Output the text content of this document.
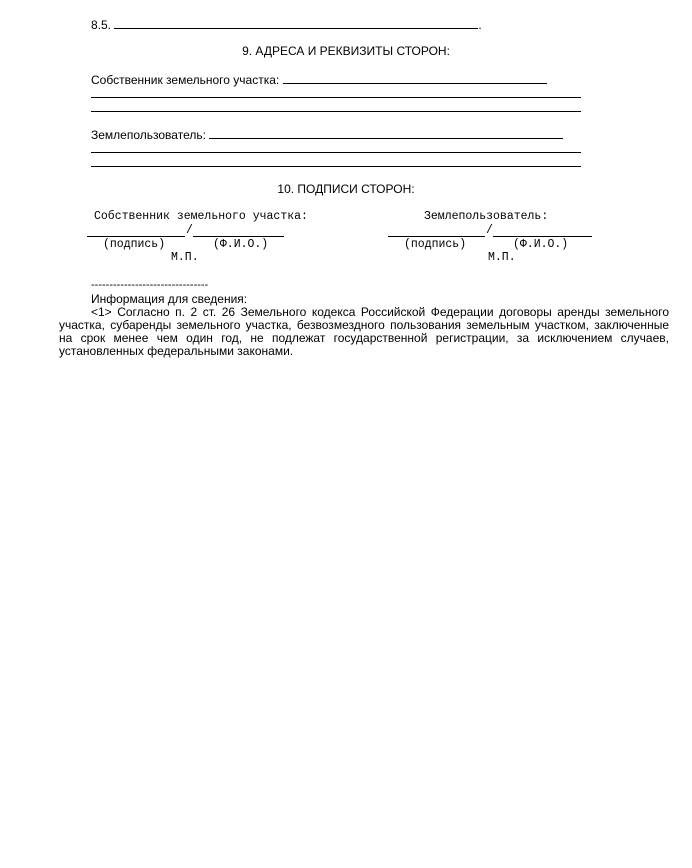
8.5.	.
9. АДРЕСА И РЕКВИЗИТЫ СТОРОН:
Собственник земельного участка:
Землепользователь:
10. ПОДПИСИ СТОРОН:
Собственник земельного участка:
/
(подпись)	(Ф.И.О.)
М.П.
Землепользователь:
/
(подпись)	(Ф.И.О.)
М.П.
--------------------------------
Информация для сведения:
<1> Согласно п. 2 ст. 26 Земельного кодекса Российской Федерации договоры аренды земельного участка, субаренды земельного участка, безвозмездного пользования земельным участком, заключенные на срок менее чем один год, не подлежат государственной регистрации, за исключением случаев, установленных федеральными законами.
